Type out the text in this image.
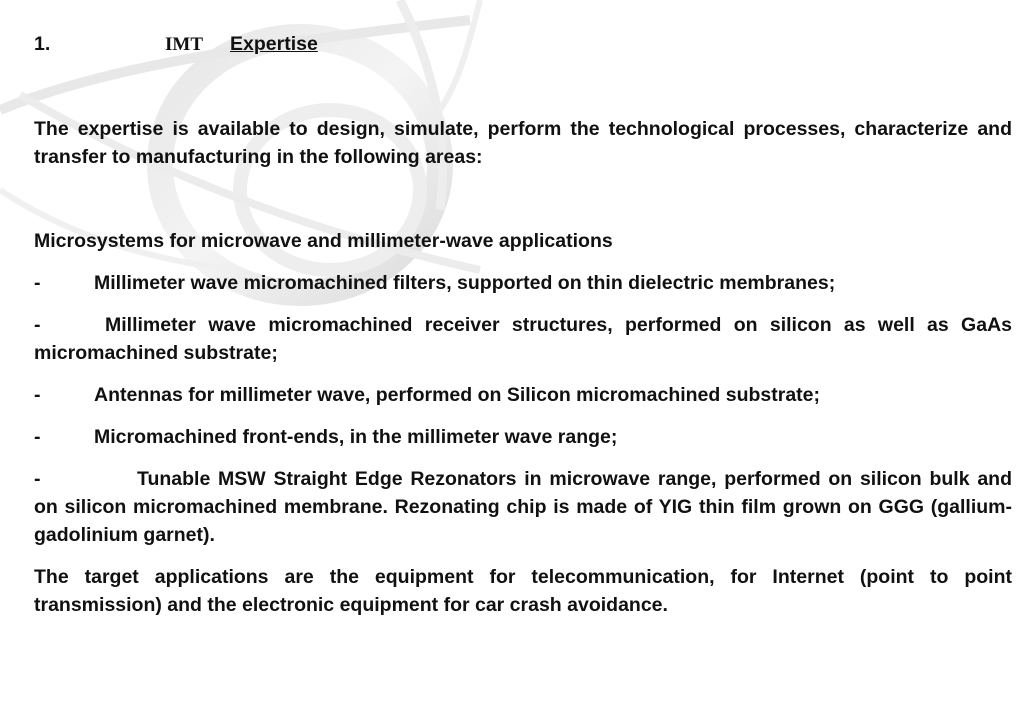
1.	IMT Expertise

The expertise is available to design, simulate, perform the technological processes, characterize and transfer to manufacturing in the following areas:

Microsystems for microwave and millimeter-wave applications

-	Millimeter wave micromachined filters, supported on thin dielectric membranes;
-	Millimeter wave micromachined receiver structures, performed on silicon as well as GaAs micromachined substrate;
-	Antennas for millimeter wave, performed on Silicon micromachined substrate;
-	Micromachined front-ends, in the millimeter wave range;
-	Tunable MSW Straight Edge Rezonators in microwave range, performed on silicon bulk and on silicon micromachined membrane. Rezonating chip is made of YIG thin film grown on GGG (gallium-gadolinium garnet).

The target applications are the equipment for telecommunication, for Internet (point to point transmission) and the electronic equipment for car crash avoidance.
